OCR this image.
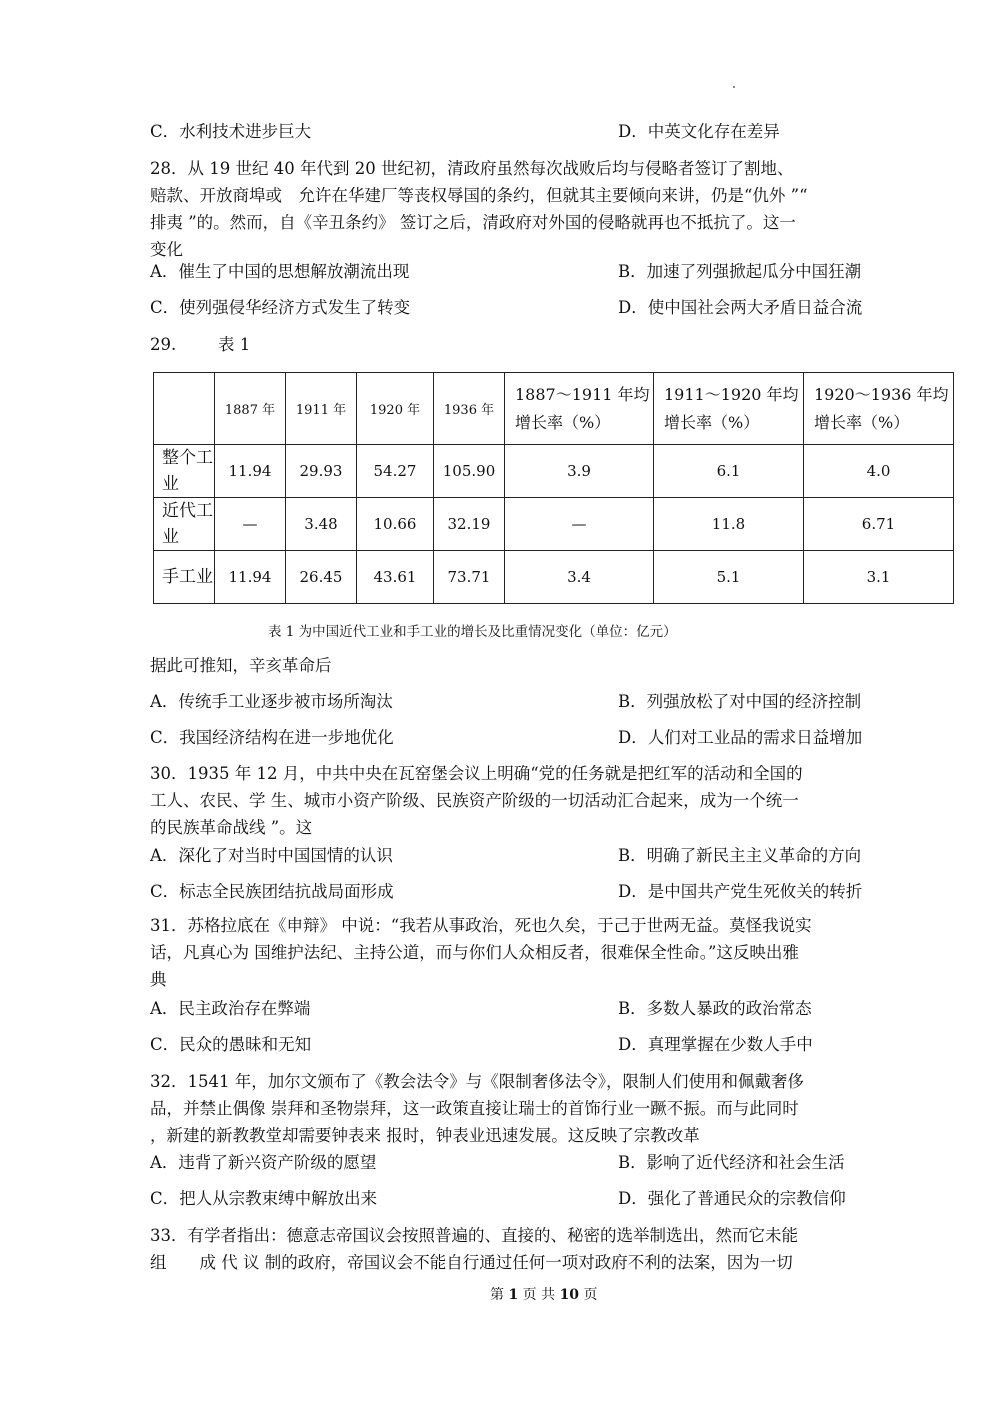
C．水利技术进步巨大	D．中英文化存在差异
28．从 19 世纪 40 年代到 20 世纪初，清政府虽然每次战败后均与侵略者签订了割地、
赔款、开放商埠或　允许在华建厂等丧权辱国的条约，但就其主要倾向来讲，仍是“仇外 ”“
排夷 ”的。然而，自《辛丑条约》 签订之后，清政府对外国的侵略就再也不抵抗了。这一
变化
A．催生了中国的思想解放潮流出现	B．加速了列强掀起瓜分中国狂潮
C．使列强侵华经济方式发生了转变	D．使中国社会两大矛盾日益合流
29.	表 1
	1887 年	1911 年	1920 年	1936 年	1887～1911 年均增长率（%）	1911～1920 年均增长率（%）	1920～1936 年均增长率（%）
整个工业	11.94	29.93	54.27	105.90	3.9	6.1	4.0
近代工业	—	3.48	10.66	32.19	—	11.8	6.71
手工业	11.94	26.45	43.61	73.71	3.4	5.1	3.1
表 1 为中国近代工业和手工业的增长及比重情况变化（单位：亿元）
据此可推知，辛亥革命后
A．传统手工业逐步被市场所淘汰	B．列强放松了对中国的经济控制
C．我国经济结构在进一步地优化	D．人们对工业品的需求日益增加
30．1935 年 12 月，中共中央在瓦窑堡会议上明确“党的任务就是把红军的活动和全国的
工人、农民、学 生、城市小资产阶级、民族资产阶级的一切活动汇合起来，成为一个统一
的民族革命战线 ”。这
A．深化了对当时中国国情的认识	B．明确了新民主主义革命的方向
C．标志全民族团结抗战局面形成	D．是中国共产党生死攸关的转折
31．苏格拉底在《申辩》 中说：“我若从事政治，死也久矣，于己于世两无益。莫怪我说实
话，凡真心为 国维护法纪、主持公道，而与你们人众相反者，很难保全性命。”这反映出雅
典
A．民主政治存在弊端	B．多数人暴政的政治常态
C．民众的愚昧和无知	D．真理掌握在少数人手中
32．1541 年，加尔文颁布了《教会法令》与《限制奢侈法令》，限制人们使用和佩戴奢侈
品，并禁止偶像 崇拜和圣物崇拜，这一政策直接让瑞士的首饰行业一蹶不振。而与此同时
，新建的新教教堂却需要钟表来 报时，钟表业迅速发展。这反映了宗教改革
A．违背了新兴资产阶级的愿望	B．影响了近代经济和社会生活
C．把人从宗教束缚中解放出来	D．强化了普通民众的宗教信仰
33．有学者指出：德意志帝国议会按照普遍的、直接的、秘密的选举制选出，然而它未能
组　　成 代 议 制的政府，帝国议会不能自行通过任何一项对政府不利的法案，因为一切
第 1 页 共 10 页
